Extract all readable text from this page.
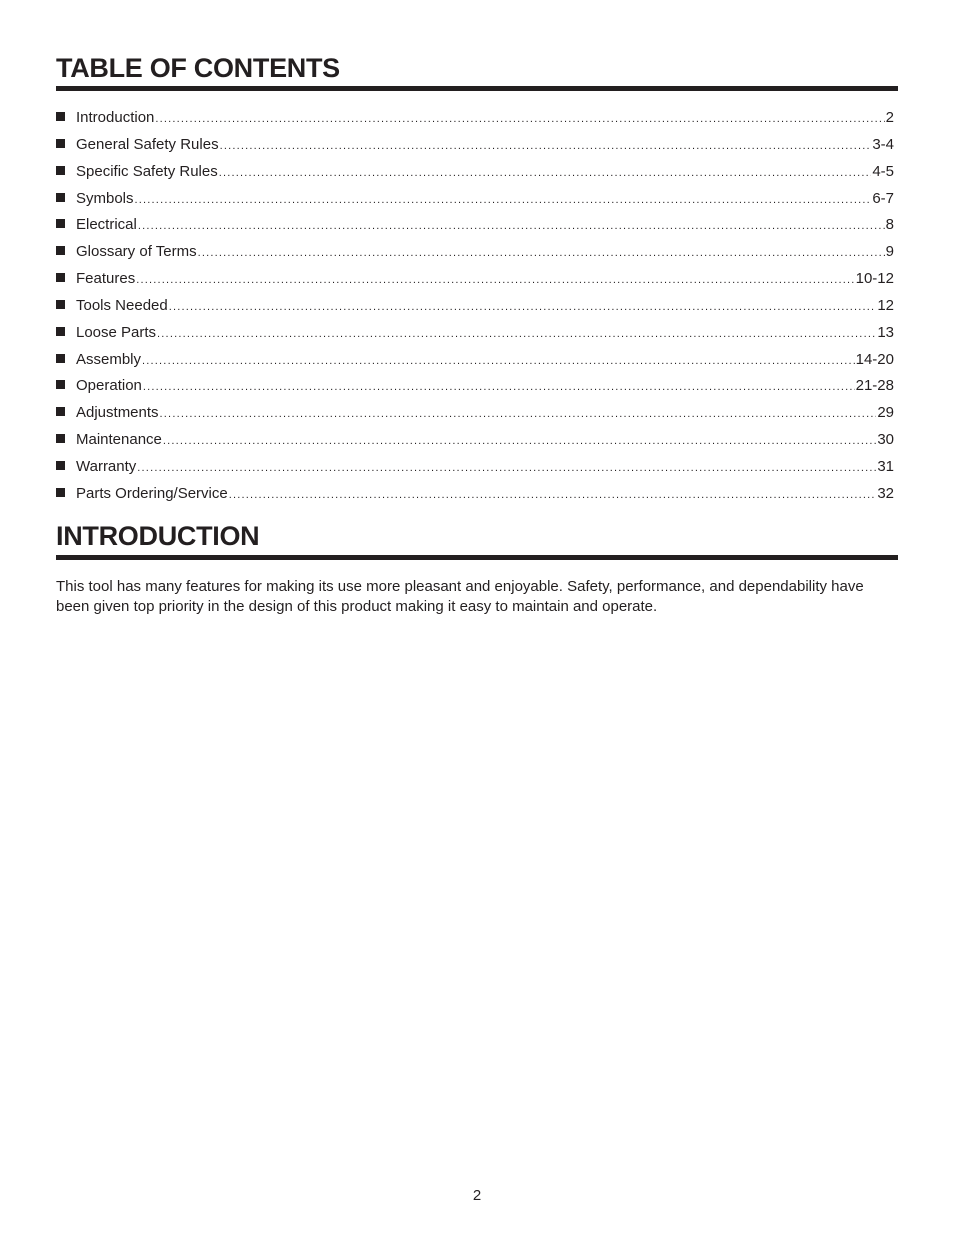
TABLE OF CONTENTS
Introduction .....	2
General Safety Rules .....	3-4
Specific Safety Rules .....	4-5
Symbols .....	6-7
Electrical .....	8
Glossary of Terms .....	9
Features .....	10-12
Tools Needed .....	12
Loose Parts .....	13
Assembly .....	14-20
Operation .....	21-28
Adjustments .....	29
Maintenance .....	30
Warranty .....	31
Parts Ordering/Service .....	32
INTRODUCTION

This tool has many features for making its use more pleasant and enjoyable. Safety, performance, and dependability have been given top priority in the design of this product making it easy to maintain and operate.

2
